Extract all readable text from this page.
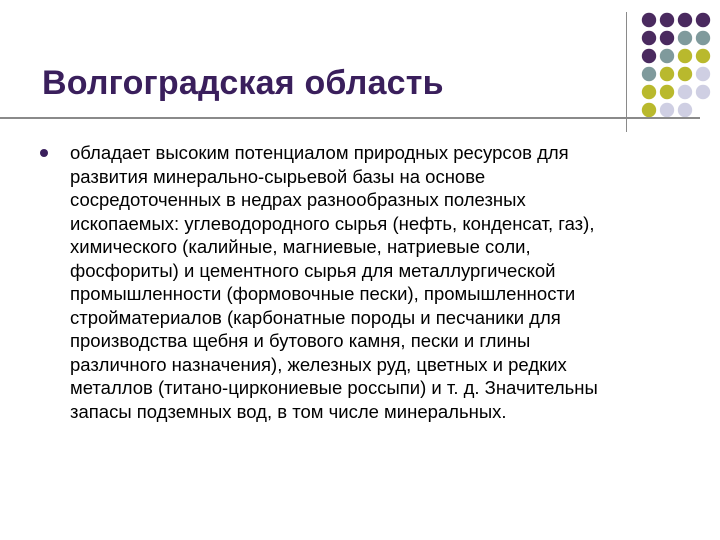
Волгоградская область

обладает высоким потенциалом природных ресурсов для
развития минерально-сырьевой базы на основе
сосредоточенных в недрах разнообразных полезных
ископаемых: углеводородного сырья (нефть, конденсат, газ),
химического (калийные, магниевые, натриевые соли,
фосфориты) и цементного сырья для металлургической
промышленности (формовочные пески), промышленности
стройматериалов (карбонатные породы и песчаники для
производства щебня и бутового камня, пески и глины
различного назначения), железных руд, цветных и редких
металлов (титано-циркониевые россыпи) и т. д. Значительны
запасы подземных вод, в том числе минеральных.
